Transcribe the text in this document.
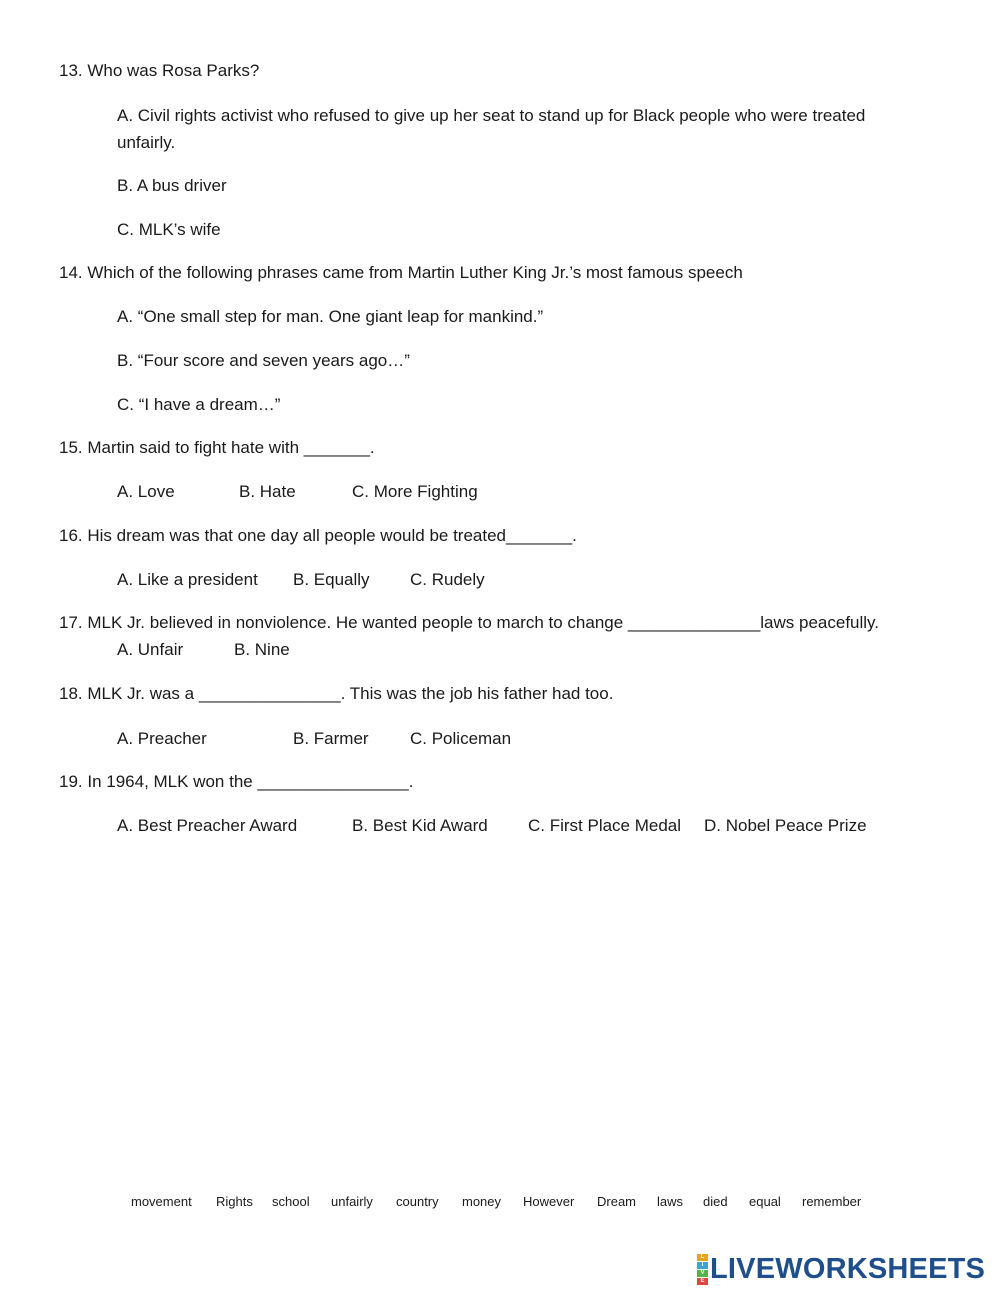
13. Who was Rosa Parks?
A. Civil rights activist who refused to give up her seat to stand up for Black people who were treated unfairly.
B. A bus driver
C. MLK’s wife
14. Which of the following phrases came from Martin Luther King Jr.’s most famous speech
A. “One small step for man. One giant leap for mankind.”
B. “Four score and seven years ago…”
C. “I have a dream…”
15. Martin said to fight hate with _______.
A. Love	B. Hate	C. More Fighting
16. His dream was that one day all people would be treated_______.
A. Like a president B. Equally C. Rudely
17. MLK Jr. believed in nonviolence. He wanted people to march to change ______________laws peacefully.
A. Unfair	B. Nine
18. MLK Jr. was a _______________. This was the job his father had too.
A. Preacher	B. Farmer C. Policeman
19. In 1964, MLK won the ________________.
A. Best Preacher Award	B. Best Kid Award C. First Place Medal D. Nobel Peace Prize
movement Rights school unfairly country money However Dream laws died equal remember
L
I
V
E LIVEWORKSHEETS
